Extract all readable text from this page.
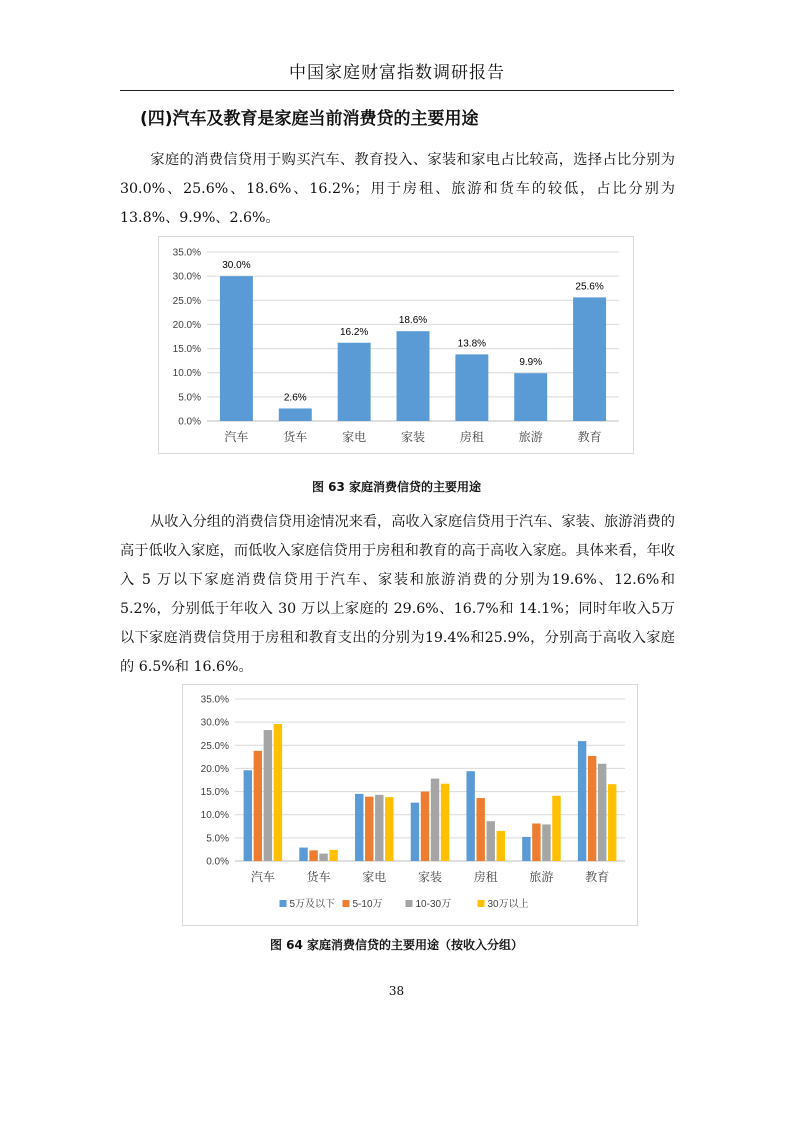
中国家庭财富指数调研报告
(四)汽车及教育是家庭当前消费贷的主要用途
家庭的消费信贷用于购买汽车、教育投入、家装和家电占比较高，选择占比分别为 30.0%、25.6%、18.6%、16.2%；用于房租、旅游和货车的较低，占比分别为 13.8%、9.9%、2.6%。
0.0%
5.0%
10.0%
15.0%
20.0%
25.0%
30.0%
35.0%
汽车	货车	家电	家装	房租	旅游	教育
30.0%
2.6%
16.2%
18.6%
13.8%
9.9%
25.6%
图 63 家庭消费信贷的主要用途
从收入分组的消费信贷用途情况来看，高收入家庭信贷用于汽车、家装、旅游消费的高于低收入家庭，而低收入家庭信贷用于房租和教育的高于高收入家庭。具体来看，年收入 5 万以下家庭消费信贷用于汽车、家装和旅游消费的分别为19.6%、12.6%和 5.2%，分别低于年收入 30 万以上家庭的 29.6%、16.7%和 14.1%；同时年收入5万以下家庭消费信贷用于房租和教育支出的分别为19.4%和25.9%，分别高于高收入家庭的 6.5%和 16.6%。
0.0%
5.0%
10.0%
15.0%
20.0%
25.0%
30.0%
35.0%
汽车	货车	家电	家装	房租	旅游	教育
5万及以下 5-10万	10-30万	30万以上
图 64 家庭消费信贷的主要用途（按收入分组）
38
